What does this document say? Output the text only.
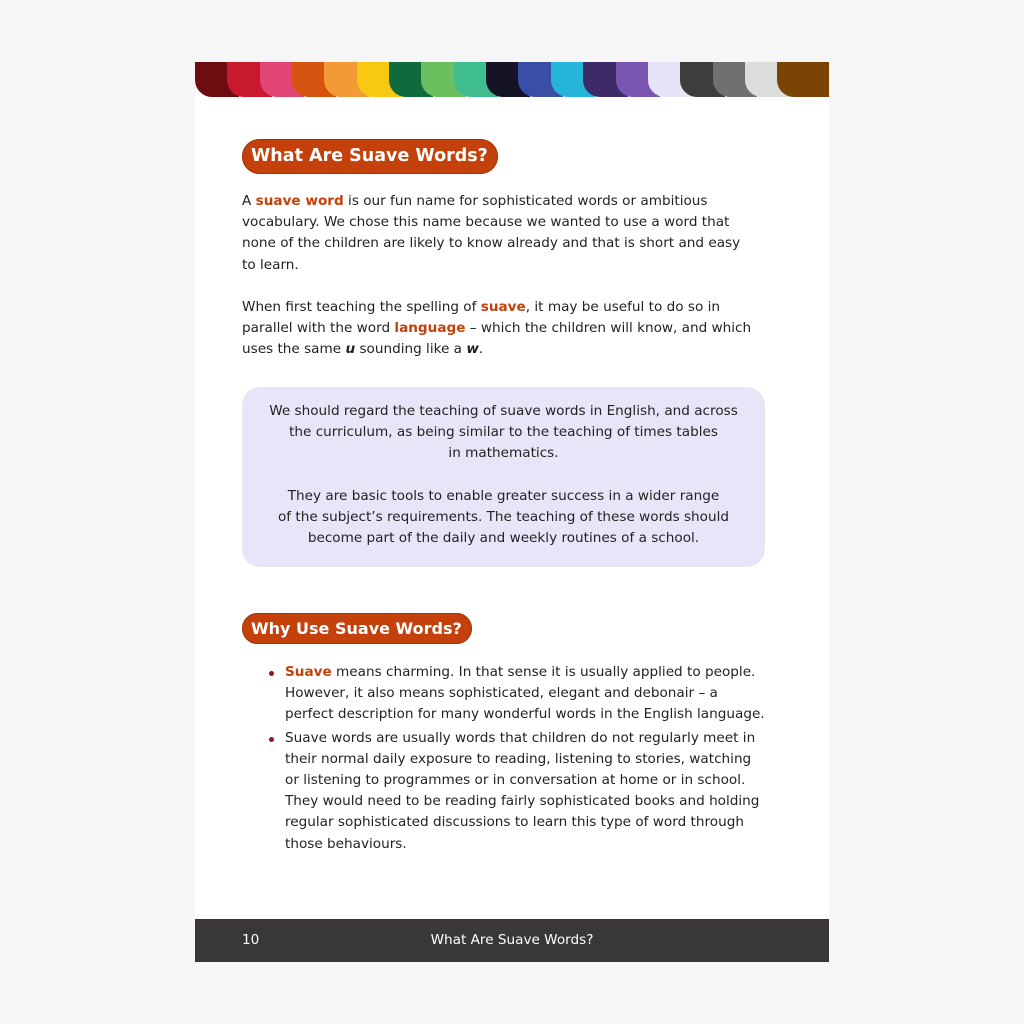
What Are Suave Words?
A suave word is our fun name for sophisticated words or ambitious vocabulary. We chose this name because we wanted to use a word that none of the children are likely to know already and that is short and easy to learn.
When first teaching the spelling of suave, it may be useful to do so in parallel with the word language – which the children will know, and which uses the same u sounding like a w.

We should regard the teaching of suave words in English, and across

the curriculum, as being similar to the teaching of times tables

in mathematics.

They are basic tools to enable greater success in a wider range

of the subject’s requirements. The teaching of these words should

become part of the daily and weekly routines of a school.

Why Use Suave Words?
Suave means charming. In that sense it is usually applied to people. However, it also means sophisticated, elegant and debonair – a perfect description for many wonderful words in the English language.
Suave words are usually words that children do not regularly meet in their normal daily exposure to reading, listening to stories, watching or listening to programmes or in conversation at home or in school. They would need to be reading fairly sophisticated books and holding regular sophisticated discussions to learn this type of word through those behaviours.
10	What Are Suave Words?
